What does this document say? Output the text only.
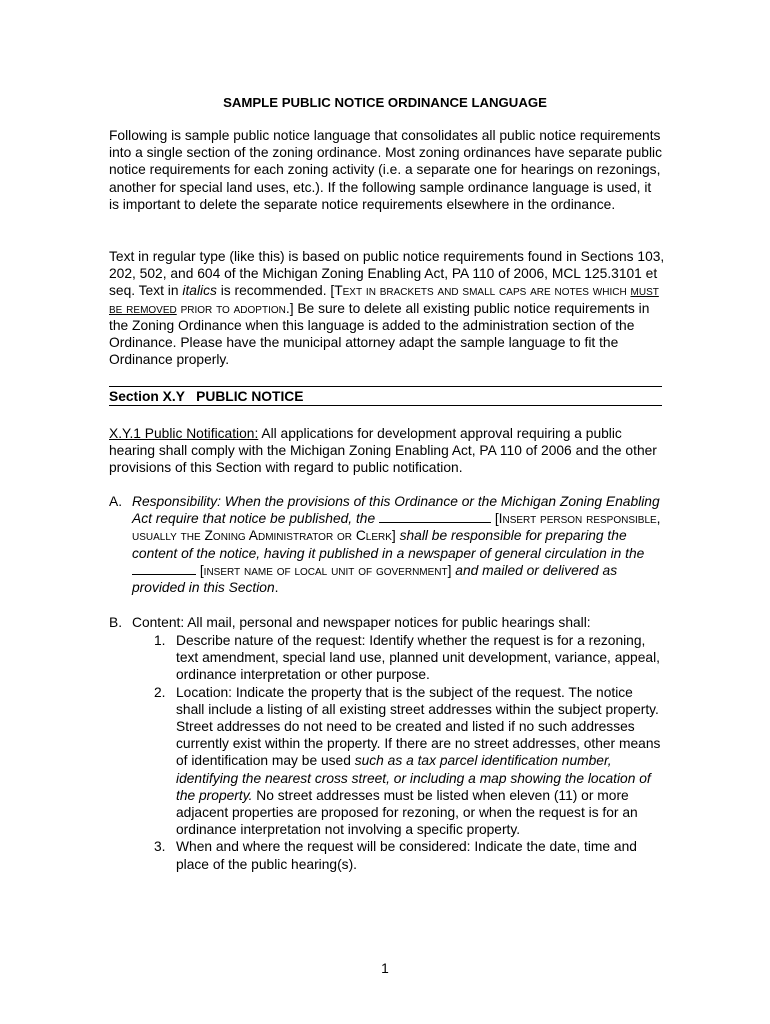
SAMPLE PUBLIC NOTICE ORDINANCE LANGUAGE

Following is sample public notice language that consolidates all public notice requirements into a single section of the zoning ordinance. Most zoning ordinances have separate public notice requirements for each zoning activity (i.e. a separate one for hearings on rezonings, another for special land uses, etc.). If the following sample ordinance language is used, it is important to delete the separate notice requirements elsewhere in the ordinance.

Text in regular type (like this) is based on public notice requirements found in Sections 103, 202, 502, and 604 of the Michigan Zoning Enabling Act, PA 110 of 2006, MCL 125.3101 et seq. Text in italics is recommended. [Text in brackets and small caps are notes which must be removed prior to adoption.] Be sure to delete all existing public notice requirements in the Zoning Ordinance when this language is added to the administration section of the Ordinance. Please have the municipal attorney adapt the sample language to fit the Ordinance properly.

Section X.Y   PUBLIC NOTICE

X.Y.1 Public Notification: All applications for development approval requiring a public hearing shall comply with the Michigan Zoning Enabling Act, PA 110 of 2006 and the other provisions of this Section with regard to public notification.

A. Responsibility: When the provisions of this Ordinance or the Michigan Zoning Enabling Act require that notice be published, the	[Insert person responsible, usually the Zoning Administrator or Clerk] shall be responsible for preparing the content of the notice, having it published in a newspaper of general circulation in the  [insert name of local unit of government] and mailed or delivered as provided in this Section.
B. Content: All mail, personal and newspaper notices for public hearings shall:
1. Describe nature of the request: Identify whether the request is for a rezoning, text amendment, special land use, planned unit development, variance, appeal, ordinance interpretation or other purpose.
2. Location: Indicate the property that is the subject of the request. The notice shall include a listing of all existing street addresses within the subject property. Street addresses do not need to be created and listed if no such addresses currently exist within the property. If there are no street addresses, other means of identification may be used such as a tax parcel identification number, identifying the nearest cross street, or including a map showing the location of the property. No street addresses must be listed when eleven (11) or more adjacent properties are proposed for rezoning, or when the request is for an ordinance interpretation not involving a specific property.
3. When and where the request will be considered: Indicate the date, time and place of the public hearing(s).
1
